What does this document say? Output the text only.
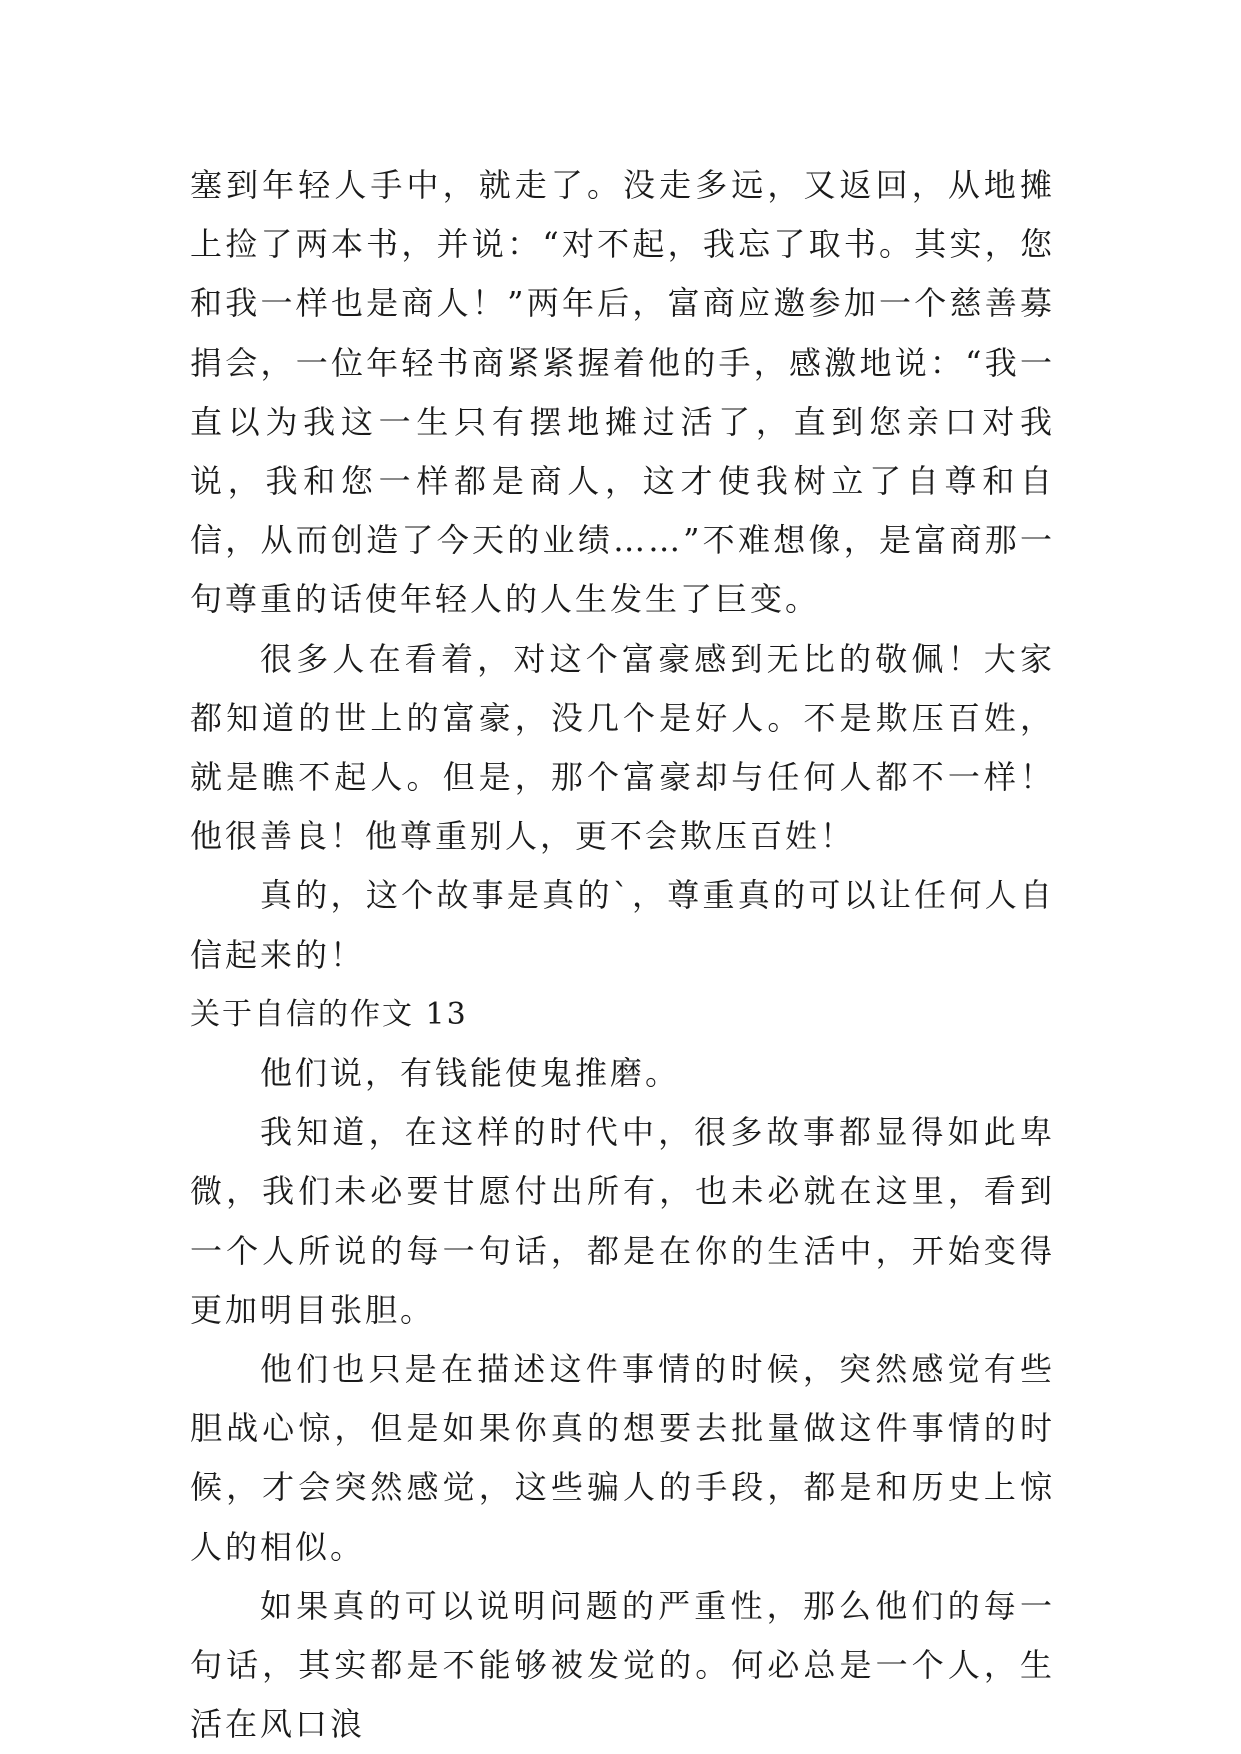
塞到年轻人手中，就走了。没走多远，又返回，从地摊上捡了两本书，并说：“对不起，我忘了取书。其实，您和我一样也是商人！”两年后，富商应邀参加一个慈善募捐会，一位年轻书商紧紧握着他的手，感激地说：“我一直以为我这一生只有摆地摊过活了，直到您亲口对我说，我和您一样都是商人，这才使我树立了自尊和自信，从而创造了今天的业绩……”不难想像，是富商那一句尊重的话使年轻人的人生发生了巨变。

很多人在看着，对这个富豪感到无比的敬佩！大家都知道的世上的富豪，没几个是好人。不是欺压百姓，就是瞧不起人。但是，那个富豪却与任何人都不一样！他很善良！他尊重别人，更不会欺压百姓！

真的，这个故事是真的`，尊重真的可以让任何人自信起来的！

关于自信的作文 13

他们说，有钱能使鬼推磨。

我知道，在这样的时代中，很多故事都显得如此卑微，我们未必要甘愿付出所有，也未必就在这里，看到一个人所说的每一句话，都是在你的生活中，开始变得更加明目张胆。

他们也只是在描述这件事情的时候，突然感觉有些胆战心惊，但是如果你真的想要去批量做这件事情的时候，才会突然感觉，这些骗人的手段，都是和历史上惊人的相似。

如果真的可以说明问题的严重性，那么他们的每一句话，其实都是不能够被发觉的。何必总是一个人，生活在风口浪
